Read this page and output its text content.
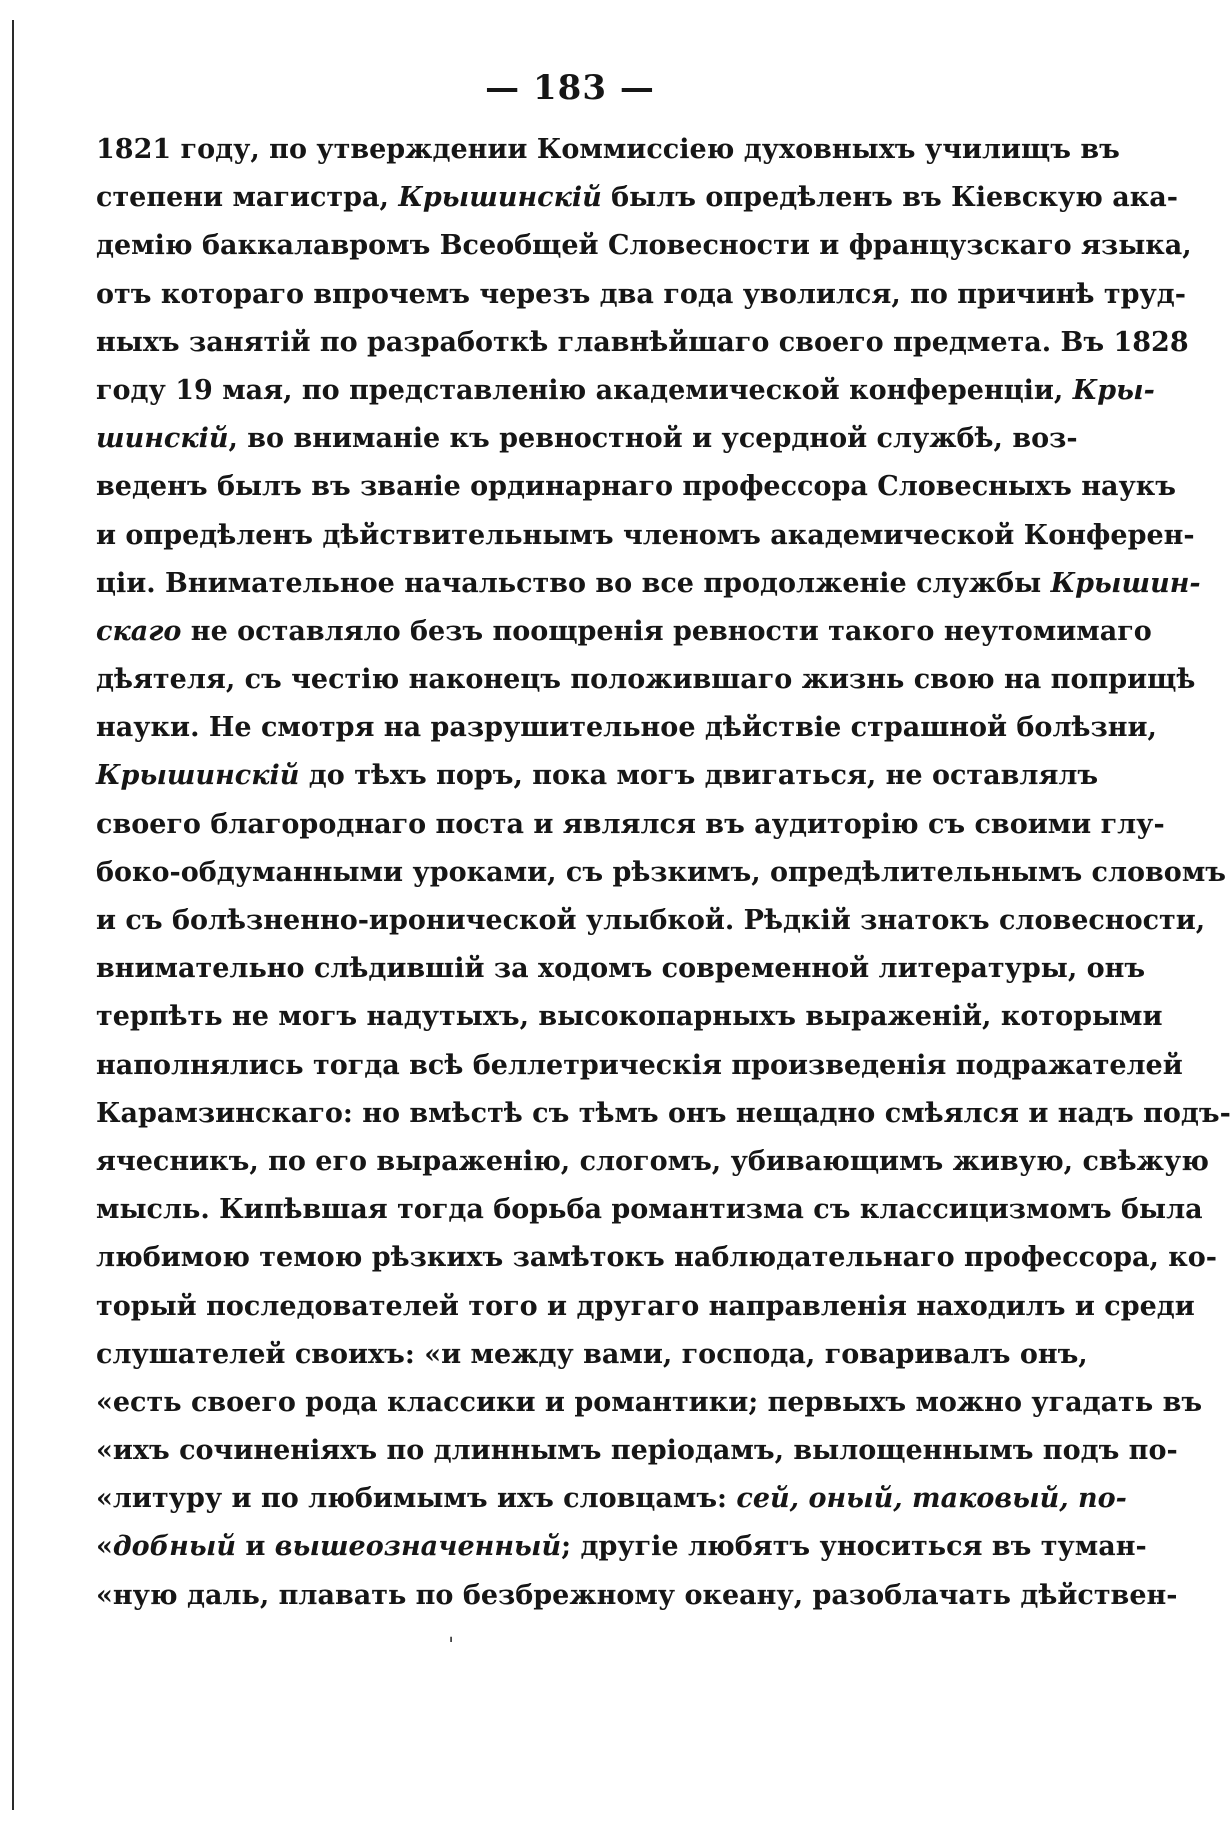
— 183 —
1821 году, по утверждении Коммиссiею духовныхъ училищъ въ
степени магистра, Крышинскiй былъ опредѣленъ въ Кiевскую ака-
демiю баккалавромъ Всеобщей Словесности и французскаго языка,
отъ котораго впрочемъ черезъ два года уволился, по причинѣ труд-
ныхъ занятiй по разработкѣ главнѣйшаго своего предмета. Въ 1828
году 19 мая, по представленiю академической конференцiи, Кры-
шинскiй, во вниманiе къ ревностной и усердной службѣ, воз-
веденъ былъ въ званiе ординарнаго профессора Словесныхъ наукъ
и опредѣленъ дѣйствительнымъ членомъ академической Конферен-
цiи. Внимательное начальство во все продолженiе службы Крышин-
скаго не оставляло безъ поощренiя ревности такого неутомимаго
дѣятеля, съ честiю наконецъ положившаго жизнь свою на поприщѣ
науки. Не смотря на разрушительное дѣйствiе страшной болѣзни,
Крышинскiй до тѣхъ поръ, пока могъ двигаться, не оставлялъ
своего благороднаго поста и являлся въ аудиторiю съ своими глу-
боко-обдуманными уроками, съ рѣзкимъ, опредѣлительнымъ словомъ
и съ болѣзненно-иронической улыбкой. Рѣдкiй знатокъ словесности,
внимательно слѣдившiй за ходомъ современной литературы, онъ
терпѣть не могъ надутыхъ, высокопарныхъ выраженiй, которыми
наполнялись тогда всѣ беллетрическiя произведенiя подражателей
Карамзинскаго: но вмѣстѣ съ тѣмъ онъ нещадно смѣялся и надъ подъ-
ячесникъ, по его выраженiю, слогомъ, убивающимъ живую, свѣжую
мысль. Кипѣвшая тогда борьба романтизма съ классицизмомъ была
любимою темою рѣзкихъ замѣтокъ наблюдательнаго профессора, ко-
торый последователей того и другаго направленiя находилъ и среди
слушателей своихъ: «и между вами, господа, говаривалъ онъ,
«есть своего рода классики и романтики; первыхъ можно угадать въ
«ихъ сочиненiяхъ по длиннымъ перiодамъ, вылощеннымъ подъ по-
«литуру и по любимымъ ихъ словцамъ: сей, оный, таковый, по-
«добный и вышеозначенный; другiе любятъ уноситься въ туман-
«ную даль, плавать по безбрежному океану, разоблачать дѣйствен-
ˌ
